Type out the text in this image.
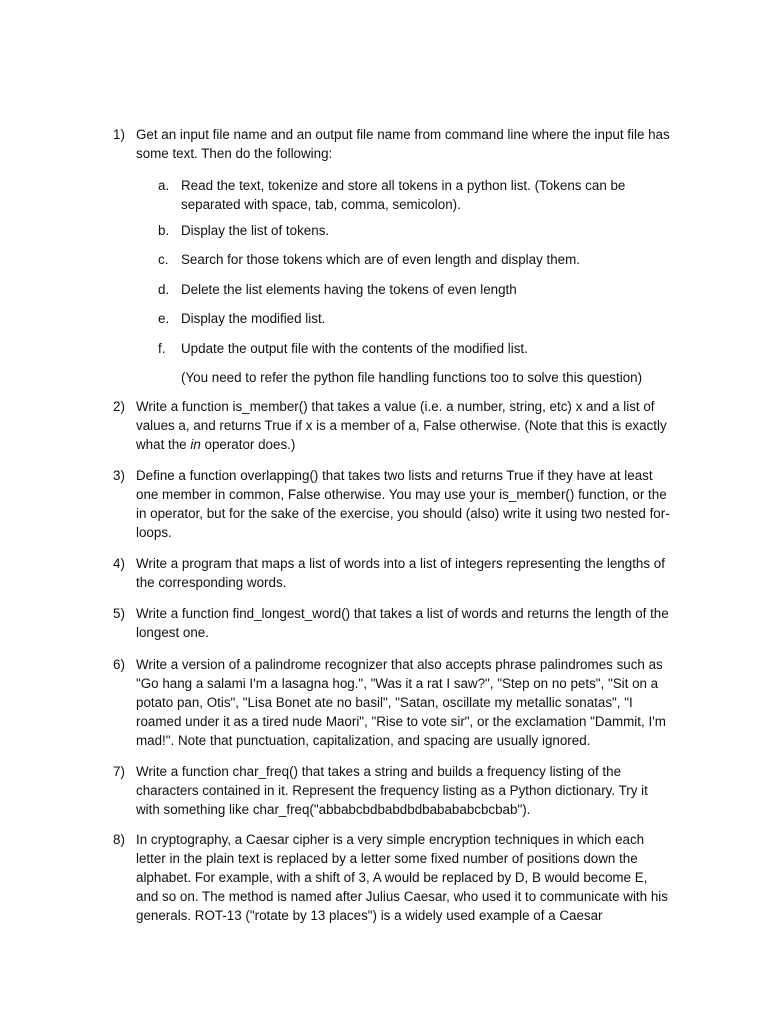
1) Get an input file name and an output file name from command line where the input file has some text. Then do the following:
a. Read the text, tokenize and store all tokens in a python list. (Tokens can be separated with space, tab, comma, semicolon).
b. Display the list of tokens.
c. Search for those tokens which are of even length and display them.
d. Delete the list elements having the tokens of even length
e. Display the modified list.
f. Update the output file with the contents of the modified list.
(You need to refer the python file handling functions too to solve this question)
2) Write a function is_member() that takes a value (i.e. a number, string, etc) x and a list of values a, and returns True if x is a member of a, False otherwise. (Note that this is exactly what the in operator does.)
3) Define a function overlapping() that takes two lists and returns True if they have at least one member in common, False otherwise. You may use your is_member() function, or the in operator, but for the sake of the exercise, you should (also) write it using two nested for-loops.
4) Write a program that maps a list of words into a list of integers representing the lengths of the corresponding words.
5) Write a function find_longest_word() that takes a list of words and returns the length of the longest one.
6) Write a version of a palindrome recognizer that also accepts phrase palindromes such as "Go hang a salami I'm a lasagna hog.", "Was it a rat I saw?", "Step on no pets", "Sit on a potato pan, Otis", "Lisa Bonet ate no basil", "Satan, oscillate my metallic sonatas", "I roamed under it as a tired nude Maori", "Rise to vote sir", or the exclamation "Dammit, I'm mad!". Note that punctuation, capitalization, and spacing are usually ignored.
7) Write a function char_freq() that takes a string and builds a frequency listing of the characters contained in it. Represent the frequency listing as a Python dictionary. Try it with something like char_freq("abbabcbdbabdbdbabababcbcbab").
8) In cryptography, a Caesar cipher is a very simple encryption techniques in which each letter in the plain text is replaced by a letter some fixed number of positions down the alphabet. For example, with a shift of 3, A would be replaced by D, B would become E, and so on. The method is named after Julius Caesar, who used it to communicate with his generals. ROT-13 ("rotate by 13 places") is a widely used example of a Caesar
